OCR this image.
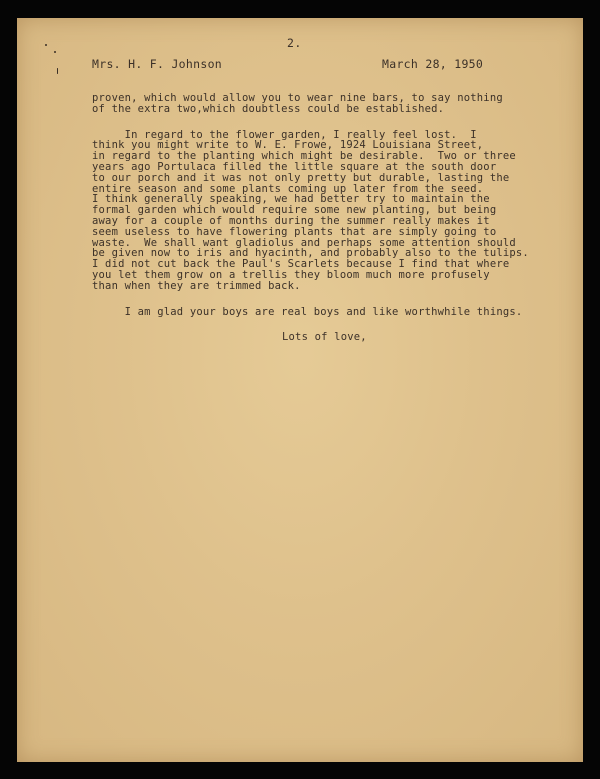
2.
Mrs. H. F. Johnson	March 28, 1950
proven, which would allow you to wear nine bars, to say nothing
of the extra two,which doubtless could be established.
In regard to the flower garden, I really feel lost.  I
think you might write to W. E. Frowe, 1924 Louisiana Street,
in regard to the planting which might be desirable.  Two or three
years ago Portulaca filled the little square at the south door
to our porch and it was not only pretty but durable, lasting the
entire season and some plants coming up later from the seed.
I think generally speaking, we had better try to maintain the
formal garden which would require some new planting, but being
away for a couple of months during the summer really makes it
seem useless to have flowering plants that are simply going to
waste.  We shall want gladiolus and perhaps some attention should
be given now to iris and hyacinth, and probably also to the tulips.
I did not cut back the Paul's Scarlets because I find that where
you let them grow on a trellis they bloom much more profusely
than when they are trimmed back.
I am glad your boys are real boys and like worthwhile things.
Lots of love,
